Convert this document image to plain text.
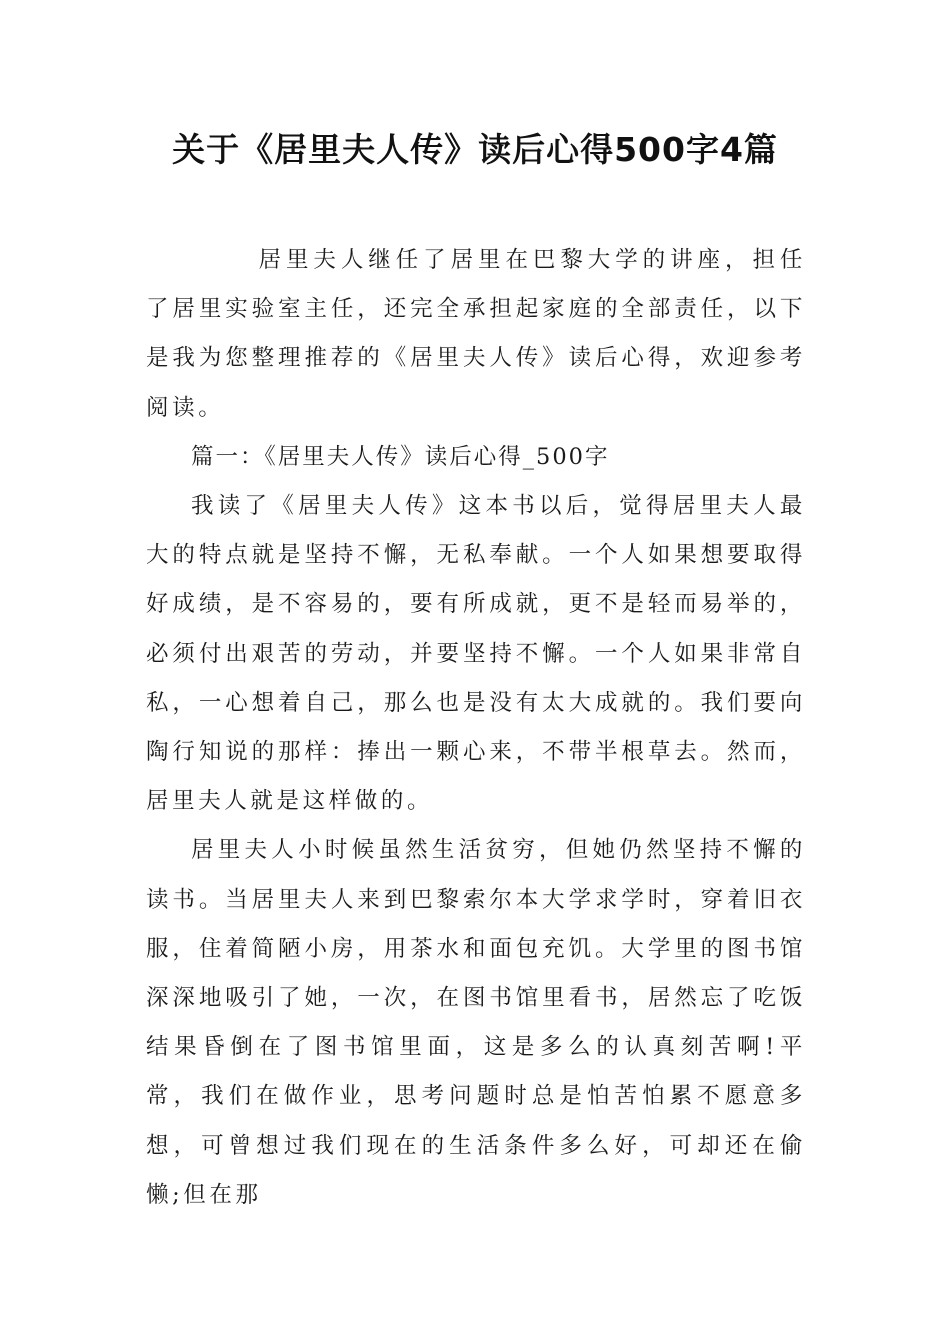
关于《居里夫人传》读后心得500字4篇

居里夫人继任了居里在巴黎大学的讲座，担任了居里实验室主任，还完全承担起家庭的全部责任，以下是我为您整理推荐的《居里夫人传》读后心得，欢迎参考阅读。

篇一：《居里夫人传》读后心得_500字

我读了《居里夫人传》这本书以后，觉得居里夫人最大的特点就是坚持不懈，无私奉献。一个人如果想要取得好成绩，是不容易的，要有所成就，更不是轻而易举的，必须付出艰苦的劳动，并要坚持不懈。一个人如果非常自私，一心想着自己，那么也是没有太大成就的。我们要向陶行知说的那样：捧出一颗心来，不带半根草去。然而，居里夫人就是这样做的。

居里夫人小时候虽然生活贫穷，但她仍然坚持不懈的读书。当居里夫人来到巴黎索尔本大学求学时，穿着旧衣服，住着简陋小房，用茶水和面包充饥。大学里的图书馆深深地吸引了她，一次，在图书馆里看书，居然忘了吃饭结果昏倒在了图书馆里面，这是多么的认真刻苦啊!平常，我们在做作业，思考问题时总是怕苦怕累不愿意多想，可曾想过我们现在的生活条件多么好，可却还在偷懒;但在那
